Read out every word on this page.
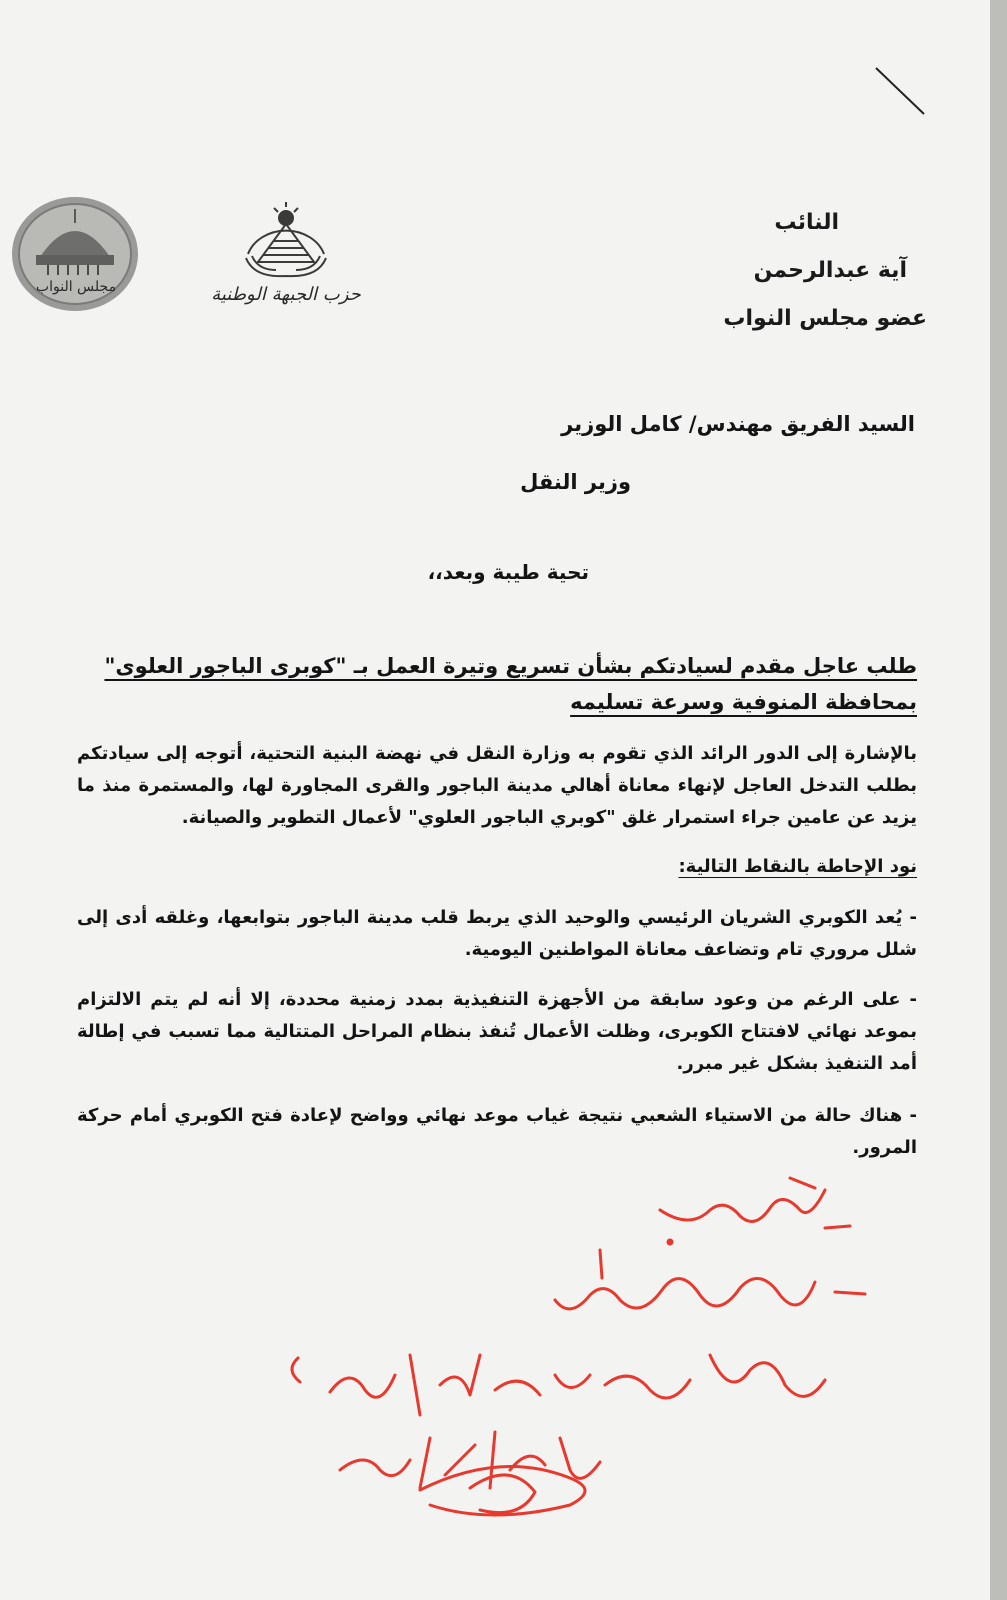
مجلس النواب	حزب الجبهة الوطنية
النائب
آية عبدالرحمن
عضو مجلس النواب
السيد الفريق مهندس/ كامل الوزير
وزير النقل
تحية طيبة وبعد،،
طلب عاجل مقدم لسيادتكم بشأن تسريع وتيرة العمل بـ "كوبرى الباجور العلوى" بمحافظة المنوفية وسرعة تسليمه
بالإشارة إلى الدور الرائد الذي تقوم به وزارة النقل في نهضة البنية التحتية، أتوجه إلى سيادتكم بطلب التدخل العاجل لإنهاء معاناة أهالي مدينة الباجور والقرى المجاورة لها، والمستمرة منذ ما يزيد عن عامين جراء استمرار غلق "كوبري الباجور العلوي" لأعمال التطوير والصيانة.
نود الإحاطة بالنقاط التالية:
- يُعد الكوبري الشريان الرئيسي والوحيد الذي يربط قلب مدينة الباجور بتوابعها، وغلقه أدى إلى شلل مروري تام وتضاعف معاناة المواطنين اليومية.
- على الرغم من وعود سابقة من الأجهزة التنفيذية بمدد زمنية محددة، إلا أنه لم يتم الالتزام بموعد نهائي لافتتاح الكوبرى، وظلت الأعمال تُنفذ بنظام المراحل المتتالية مما تسبب في إطالة أمد التنفيذ بشكل غير مبرر.
- هناك حالة من الاستياء الشعبي نتيجة غياب موعد نهائي وواضح لإعادة فتح الكوبري أمام حركة المرور.
